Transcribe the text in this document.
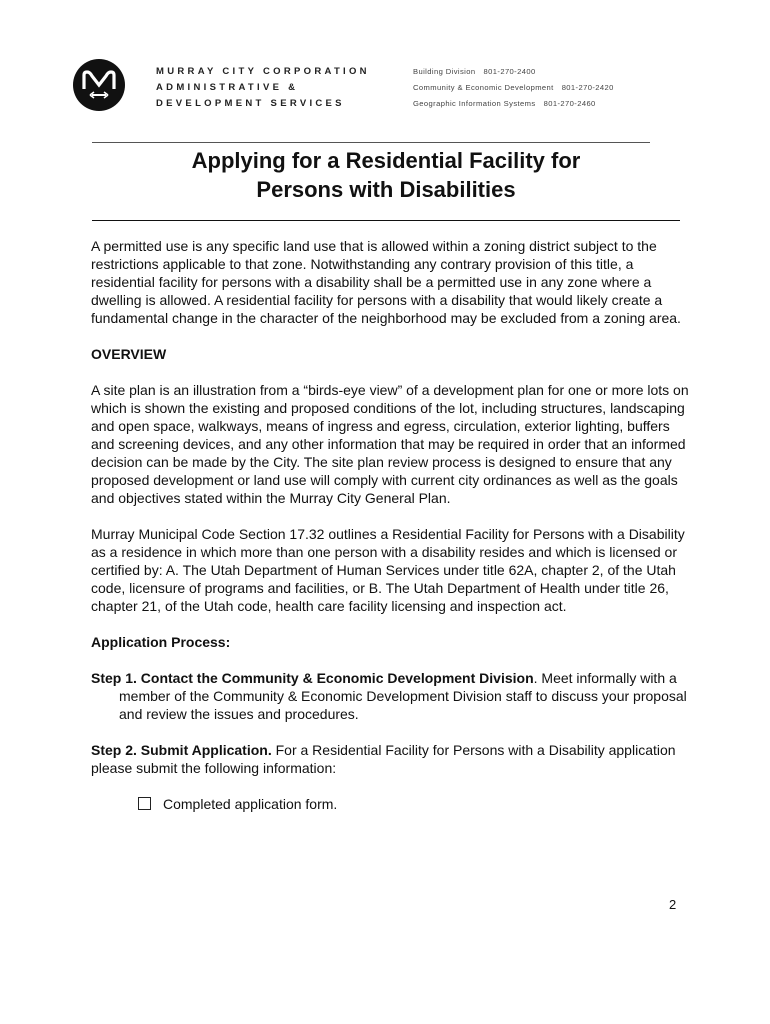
MURRAY CITY CORPORATION
ADMINISTRATIVE &
DEVELOPMENT SERVICES
Building Division 801-270-2400
Community & Economic Development 801-270-2420
Geographic Information Systems 801-270-2460
Applying for a Residential Facility for
Persons with Disabilities

A permitted use is any specific land use that is allowed within a zoning district subject to the restrictions applicable to that zone. Notwithstanding any contrary provision of this title, a residential facility for persons with a disability shall be a permitted use in any zone where a dwelling is allowed. A residential facility for persons with a disability that would likely create a fundamental change in the character of the neighborhood may be excluded from a zoning area.

OVERVIEW

A site plan is an illustration from a “birds-eye view” of a development plan for one or more lots on which is shown the existing and proposed conditions of the lot, including structures, landscaping and open space, walkways, means of ingress and egress, circulation, exterior lighting, buffers and screening devices, and any other information that may be required in order that an informed decision can be made by the City. The site plan review process is designed to ensure that any proposed development or land use will comply with current city ordinances as well as the goals and objectives stated within the Murray City General Plan.

Murray Municipal Code Section 17.32 outlines a Residential Facility for Persons with a Disability as a residence in which more than one person with a disability resides and which is licensed or certified by: A. The Utah Department of Human Services under title 62A, chapter 2, of the Utah code, licensure of programs and facilities, or B. The Utah Department of Health under title 26, chapter 21, of the Utah code, health care facility licensing and inspection act.

Application Process:

Step 1. Contact the Community & Economic Development Division. Meet informally with a member of the Community & Economic Development Division staff to discuss your proposal and review the issues and procedures.

Step 2. Submit Application. For a Residential Facility for Persons with a Disability application please submit the following information:

Completed application form.
2
